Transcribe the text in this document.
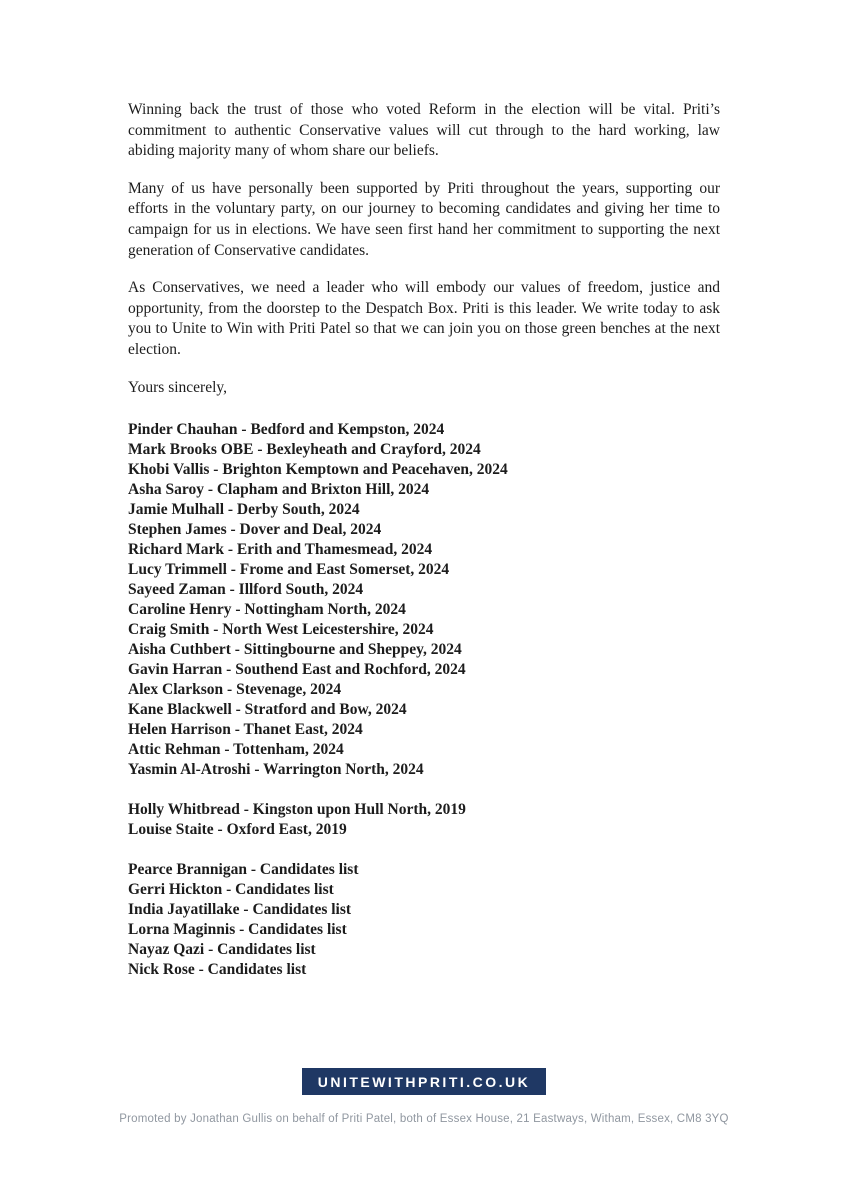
Winning back the trust of those who voted Reform in the election will be vital. Priti’s commitment to authentic Conservative values will cut through to the hard working, law abiding majority many of whom share our beliefs.

Many of us have personally been supported by Priti throughout the years, supporting our efforts in the voluntary party, on our journey to becoming candidates and giving her time to campaign for us in elections. We have seen first hand her commitment to supporting the next generation of Conservative candidates.

As Conservatives, we need a leader who will embody our values of freedom, justice and opportunity, from the doorstep to the Despatch Box. Priti is this leader. We write today to ask you to Unite to Win with Priti Patel so that we can join you on those green benches at the next election.

Yours sincerely,

Pinder Chauhan - Bedford and Kempston, 2024
Mark Brooks OBE - Bexleyheath and Crayford, 2024
Khobi Vallis - Brighton Kemptown and Peacehaven, 2024
Asha Saroy - Clapham and Brixton Hill, 2024
Jamie Mulhall - Derby South, 2024
Stephen James - Dover and Deal, 2024
Richard Mark - Erith and Thamesmead, 2024
Lucy Trimmell - Frome and East Somerset, 2024
Sayeed Zaman - Illford South, 2024
Caroline Henry - Nottingham North, 2024
Craig Smith - North West Leicestershire, 2024
Aisha Cuthbert - Sittingbourne and Sheppey, 2024
Gavin Harran - Southend East and Rochford, 2024
Alex Clarkson - Stevenage, 2024
Kane Blackwell - Stratford and Bow, 2024
Helen Harrison - Thanet East, 2024
Attic Rehman - Tottenham, 2024
Yasmin Al-Atroshi - Warrington North, 2024
Holly Whitbread - Kingston upon Hull North, 2019
Louise Staite - Oxford East, 2019
Pearce Brannigan - Candidates list
Gerri Hickton - Candidates list
India Jayatillake - Candidates list
Lorna Maginnis - Candidates list
Nayaz Qazi - Candidates list
Nick Rose - Candidates list
UNITEWITHPRITI.CO.UK
Promoted by Jonathan Gullis on behalf of Priti Patel, both of Essex House, 21 Eastways, Witham, Essex, CM8 3YQ
